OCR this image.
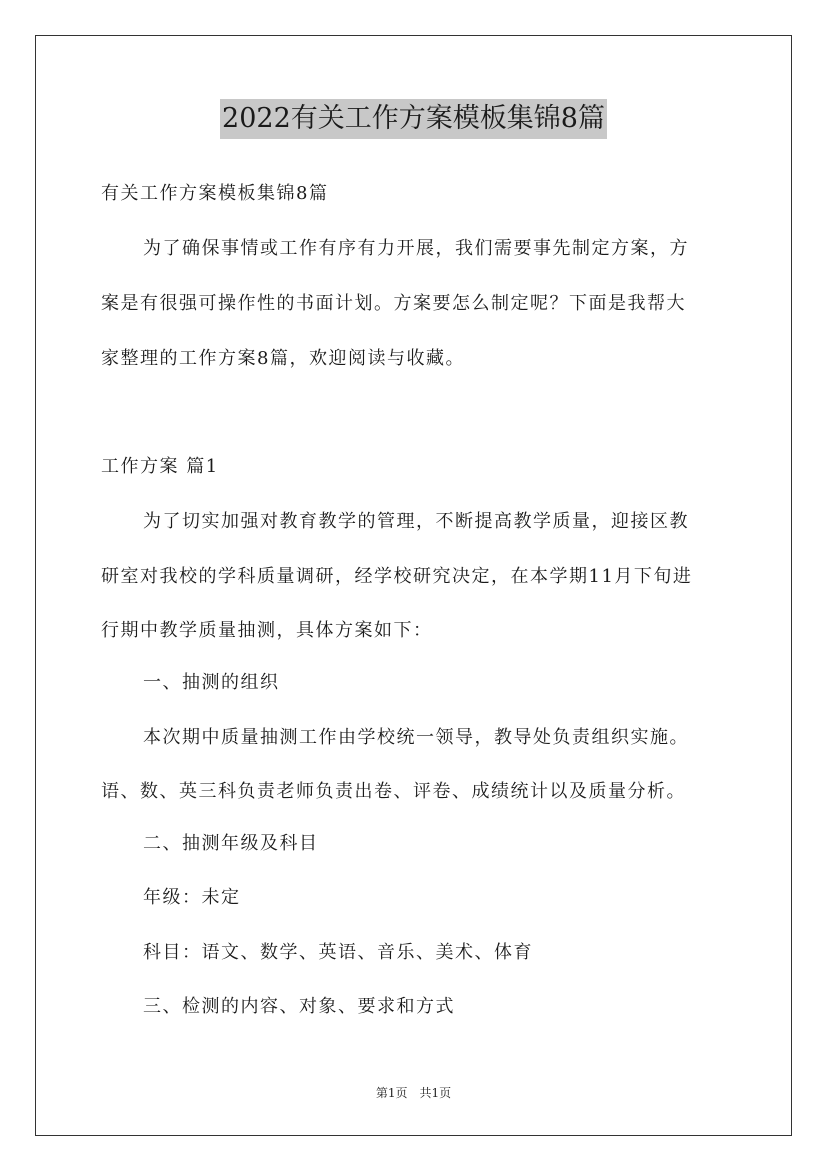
2022有关工作方案模板集锦8篇
有关工作方案模板集锦8篇
为了确保事情或工作有序有力开展，我们需要事先制定方案，方
案是有很强可操作性的书面计划。方案要怎么制定呢？下面是我帮大
家整理的工作方案8篇，欢迎阅读与收藏。
工作方案 篇1
为了切实加强对教育教学的管理，不断提高教学质量，迎接区教
研室对我校的学科质量调研，经学校研究决定，在本学期11月下旬进
行期中教学质量抽测，具体方案如下：
一、抽测的组织
本次期中质量抽测工作由学校统一领导，教导处负责组织实施。
语、数、英三科负责老师负责出卷、评卷、成绩统计以及质量分析。
二、抽测年级及科目
年级：未定
科目：语文、数学、英语、音乐、美术、体育
三、检测的内容、对象、要求和方式
第1页　共1页
